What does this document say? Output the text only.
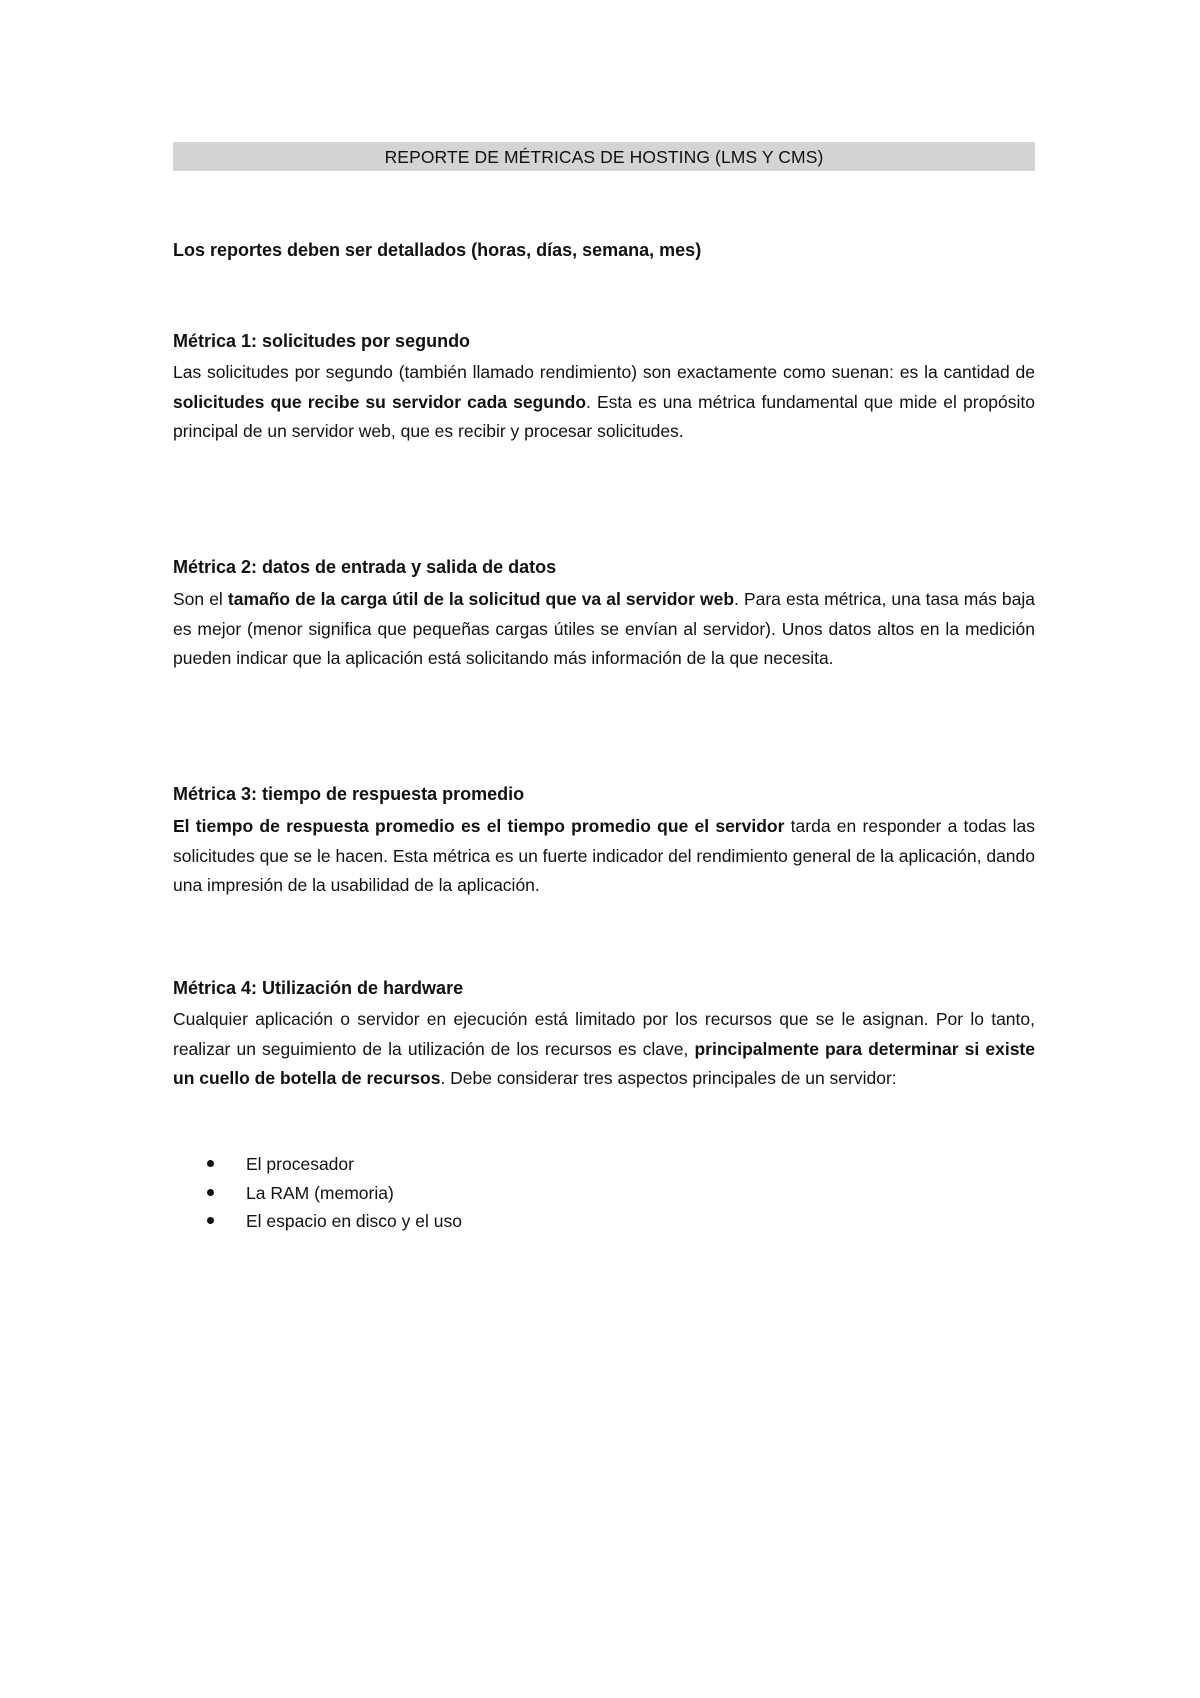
REPORTE DE MÉTRICAS DE HOSTING (LMS Y CMS)
Los reportes deben ser detallados (horas, días, semana, mes)
Métrica 1: solicitudes por segundo

Las solicitudes por segundo (también llamado rendimiento) son exactamente como suenan: es la cantidad de solicitudes que recibe su servidor cada segundo. Esta es una métrica fundamental que mide el propósito principal de un servidor web, que es recibir y procesar solicitudes.

Métrica 2: datos de entrada y salida de datos

Son el tamaño de la carga útil de la solicitud que va al servidor web. Para esta métrica, una tasa más baja es mejor (menor significa que pequeñas cargas útiles se envían al servidor). Unos datos altos en la medición pueden indicar que la aplicación está solicitando más información de la que necesita.

Métrica 3: tiempo de respuesta promedio

El tiempo de respuesta promedio es el tiempo promedio que el servidor tarda en responder a todas las solicitudes que se le hacen. Esta métrica es un fuerte indicador del rendimiento general de la aplicación, dando una impresión de la usabilidad de la aplicación.

Métrica 4: Utilización de hardware

Cualquier aplicación o servidor en ejecución está limitado por los recursos que se le asignan. Por lo tanto, realizar un seguimiento de la utilización de los recursos es clave, principalmente para determinar si existe un cuello de botella de recursos. Debe considerar tres aspectos principales de un servidor:

El procesador
La RAM (memoria)
El espacio en disco y el uso
